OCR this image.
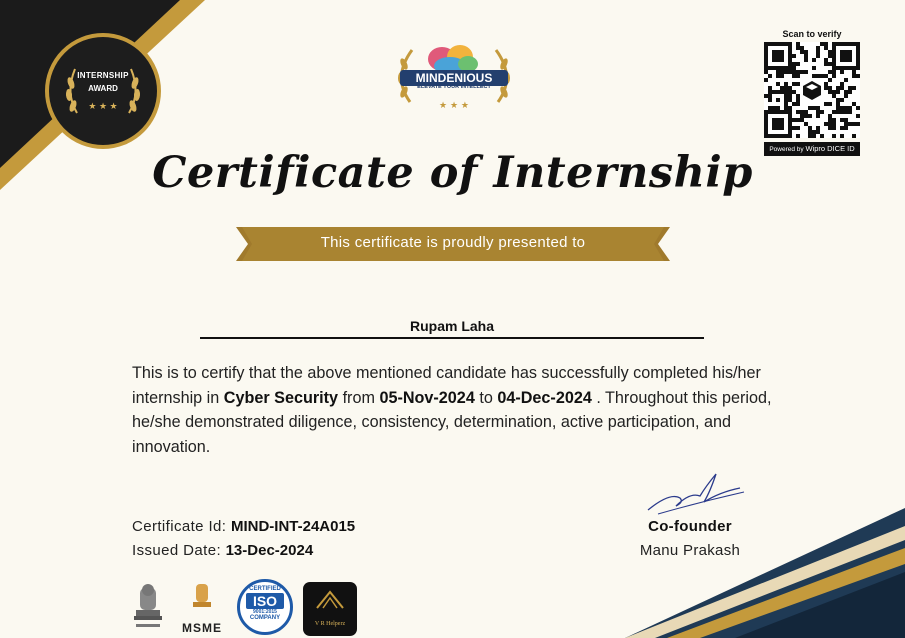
INTERNSHIP
AWARD
★ ★ ★	★ ★ ★
MINDENIOUS
"ELEVATE YOUR INTELLECT"
Scan to verify
Powered by Wipro DICE ID
Certificate of Internship
This certificate is proudly presented to
Rupam Laha
This is to certify that the above mentioned candidate has successfully completed his/her internship in Cyber Security from 05-Nov-2024 to 04-Dec-2024 . Throughout this period, he/she demonstrated diligence, consistency, determination, active participation, and innovation.
Certificate Id: MIND-INT-24A015
Issued Date: 13-Dec-2024
Co-founder
Manu Prakash
MSME
CERTIFIED
ISO
9001:2015
COMPANY
V R Helperz
